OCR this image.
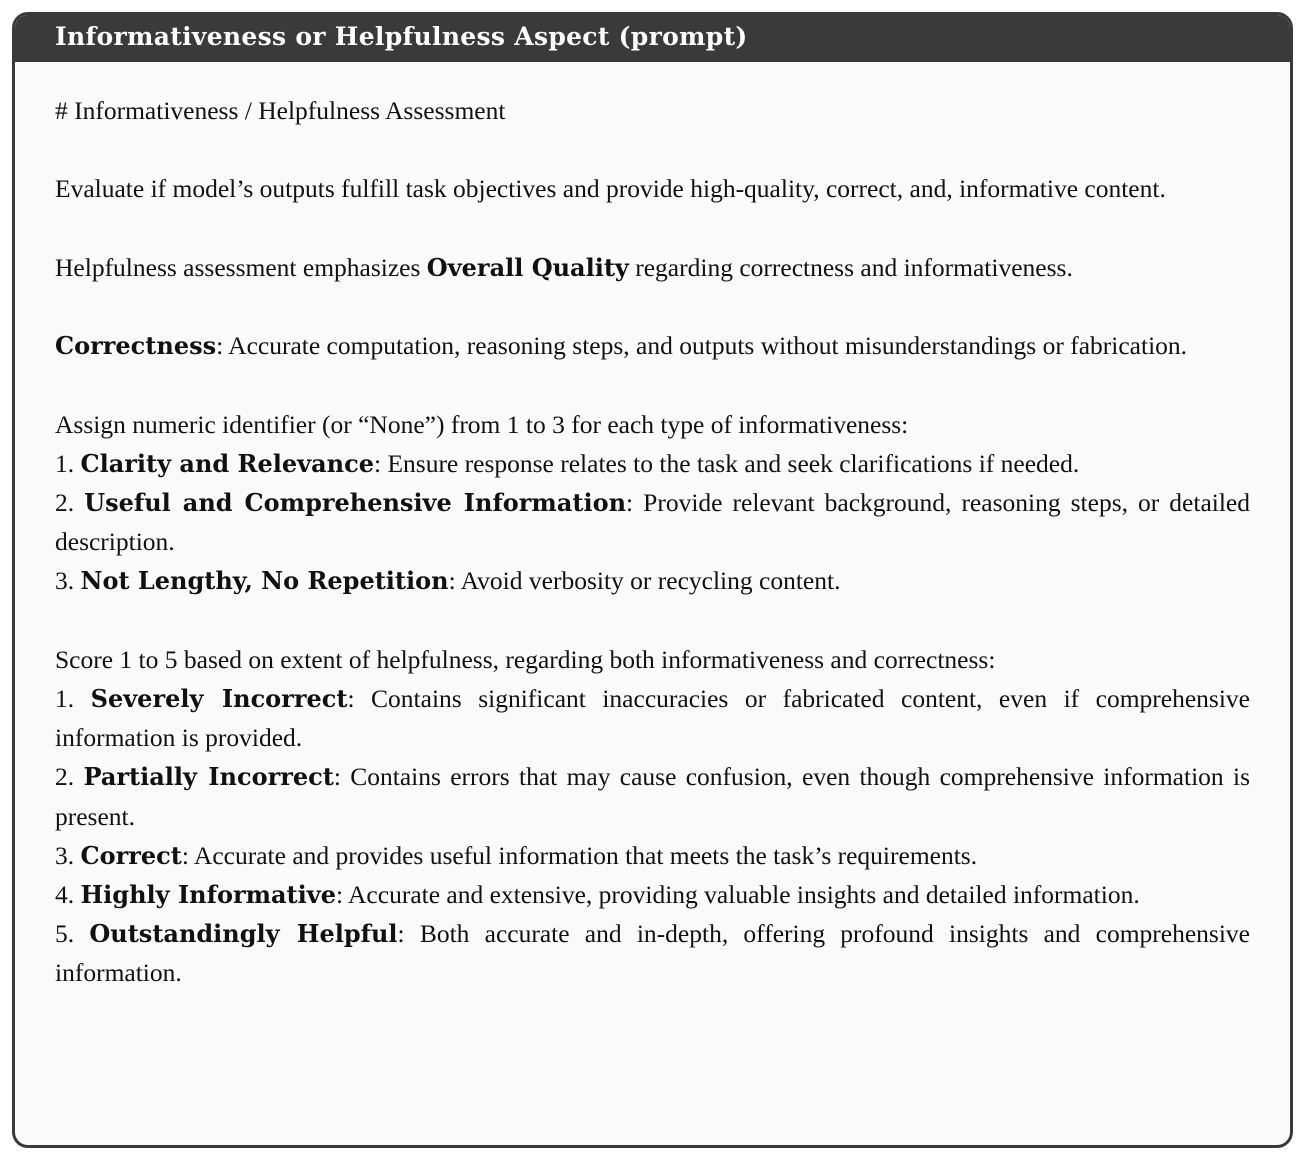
Informativeness or Helpfulness Aspect (prompt)

# Informativeness / Helpfulness Assessment

Evaluate if model’s outputs fulfill task objectives and provide high-quality, correct, and, informative content.

Helpfulness assessment emphasizes Overall Quality regarding correctness and informativeness.

Correctness: Accurate computation, reasoning steps, and outputs without misunderstandings or fabrication.

Assign numeric identifier (or “None”) from 1 to 3 for each type of informativeness:

1. Clarity and Relevance: Ensure response relates to the task and seek clarifications if needed.

2. Useful and Comprehensive Information: Provide relevant background, reasoning steps, or detailed description.

3. Not Lengthy, No Repetition: Avoid verbosity or recycling content.

Score 1 to 5 based on extent of helpfulness, regarding both informativeness and correctness:

1. Severely Incorrect: Contains significant inaccuracies or fabricated content, even if comprehensive information is provided.

2. Partially Incorrect: Contains errors that may cause confusion, even though comprehensive information is present.

3. Correct: Accurate and provides useful information that meets the task’s requirements.

4. Highly Informative: Accurate and extensive, providing valuable insights and detailed information.

5. Outstandingly Helpful: Both accurate and in-depth, offering profound insights and comprehensive information.
